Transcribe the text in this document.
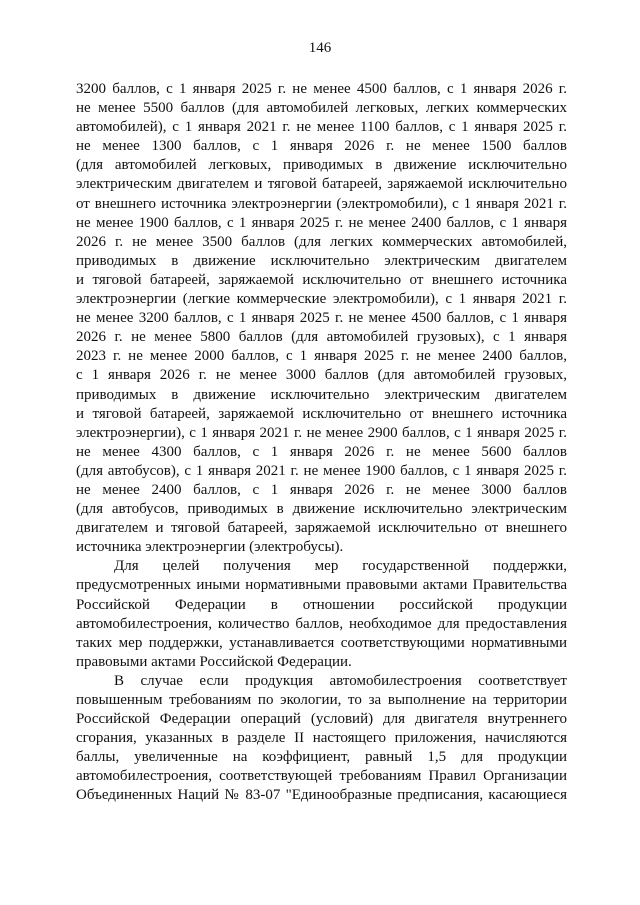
146
3200 баллов, с 1 января 2025 г. не менее 4500 баллов, с 1 января 2026 г.
не менее 5500 баллов (для автомобилей легковых, легких коммерческих
автомобилей), с 1 января 2021 г. не менее 1100 баллов, с 1 января 2025 г.
не менее 1300 баллов, с 1 января 2026 г. не менее 1500 баллов
(для автомобилей легковых, приводимых в движение исключительно
электрическим двигателем и тяговой батареей, заряжаемой исключительно
от внешнего источника электроэнергии (электромобили), с 1 января 2021 г.
не менее 1900 баллов, с 1 января 2025 г. не менее 2400 баллов, с 1 января
2026 г. не менее 3500 баллов (для легких коммерческих автомобилей,
приводимых в движение исключительно электрическим двигателем
и тяговой батареей, заряжаемой исключительно от внешнего источника
электроэнергии (легкие коммерческие электромобили), с 1 января 2021 г.
не менее 3200 баллов, с 1 января 2025 г. не менее 4500 баллов, с 1 января
2026 г. не менее 5800 баллов (для автомобилей грузовых), с 1 января
2023 г. не менее 2000 баллов, с 1 января 2025 г. не менее 2400 баллов,
с 1 января 2026 г. не менее 3000 баллов (для автомобилей грузовых,
приводимых в движение исключительно электрическим двигателем
и тяговой батареей, заряжаемой исключительно от внешнего источника
электроэнергии), с 1 января 2021 г. не менее 2900 баллов, с 1 января 2025 г.
не менее 4300 баллов, с 1 января 2026 г. не менее 5600 баллов
(для автобусов), с 1 января 2021 г. не менее 1900 баллов, с 1 января 2025 г.
не менее 2400 баллов, с 1 января 2026 г. не менее 3000 баллов
(для автобусов, приводимых в движение исключительно электрическим
двигателем и тяговой батареей, заряжаемой исключительно от внешнего
источника электроэнергии (электробусы).
Для целей получения мер государственной поддержки,
предусмотренных иными нормативными правовыми актами Правительства
Российской Федерации в отношении российской продукции
автомобилестроения, количество баллов, необходимое для предоставления
таких мер поддержки, устанавливается соответствующими нормативными
правовыми актами Российской Федерации.
В случае если продукция автомобилестроения соответствует
повышенным требованиям по экологии, то за выполнение на территории
Российской Федерации операций (условий) для двигателя внутреннего
сгорания, указанных в разделе II настоящего приложения, начисляются
баллы, увеличенные на коэффициент, равный 1,5 для продукции
автомобилестроения, соответствующей требованиям Правил Организации
Объединенных Наций № 83-07 "Единообразные предписания, касающиеся
